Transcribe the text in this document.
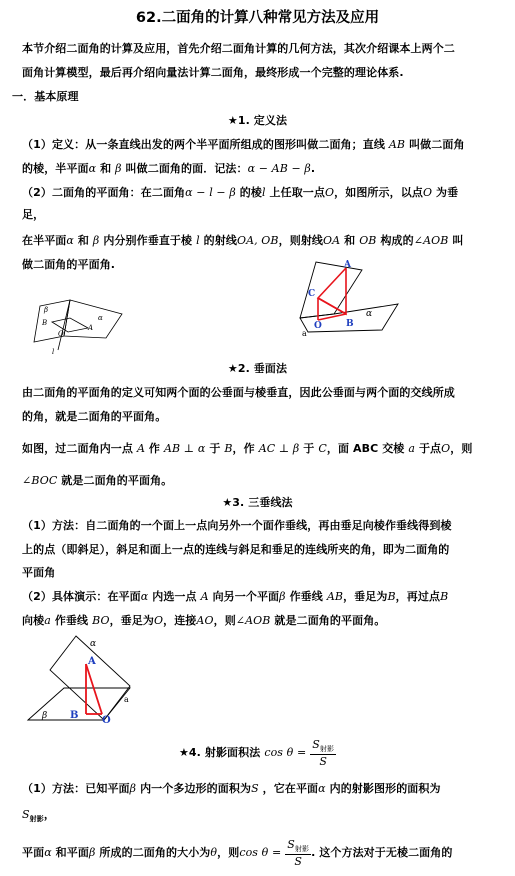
62.二面角的计算八种常见方法及应用
本节介绍二面角的计算及应用，首先介绍二面角计算的几何方法，其次介绍课本上两个二
面角计算模型，最后再介绍向量法计算二面角，最终形成一个完整的理论体系.
一．基本原理
★1. 定义法
（1）定义：从一条直线出发的两个半平面所组成的图形叫做二面角；直线 AB 叫做二面角
的棱，半平面α 和 β 叫做二面角的面．记法：α − AB − β.
（2）二面角的平面角：在二面角α − l − β 的棱l 上任取一点O，如图所示，以点O 为垂
足，
在半平面α 和 β 内分别作垂直于棱 l 的射线OA, OB，则射线OA 和 OB 构成的∠AOB 叫
做二面角的平面角.
β
B
O
A
α
l
A
C
O	B
α
a
★2. 垂面法
由二面角的平面角的定义可知两个面的公垂面与棱垂直，因此公垂面与两个面的交线所成
的角，就是二面角的平面角。
如图，过二面角内一点 A 作 AB ⊥ α 于 B，作 AC ⊥ β 于 C，面 ABC 交棱 a 于点O，则
∠BOC 就是二面角的平面角。
★3. 三垂线法
（1）方法：自二面角的一个面上一点向另外一个面作垂线，再由垂足向棱作垂线得到棱
上的点（即斜足），斜足和面上一点的连线与斜足和垂足的连线所夹的角，即为二面角的
平面角
（2）具体演示：在平面α 内选一点 A 向另一个平面β 作垂线 AB，垂足为B，再过点B
向棱a 作垂线 BO，垂足为O，连接AO，则∠AOB 就是二面角的平面角。
α
A
a
β B O
★4. 射影面积法 $\cos \theta = \frac{S_{射影}}{S}$
（1）方法：已知平面β 内一个多边形的面积为S ，它在平面α 内的射影图形的面积为
$S_{射影}$，
平面α 和平面β 所成的二面角的大小为θ，则$\cos \theta = \frac{S_{射影}}{S}$ . 这个方法对于无棱二面角的
